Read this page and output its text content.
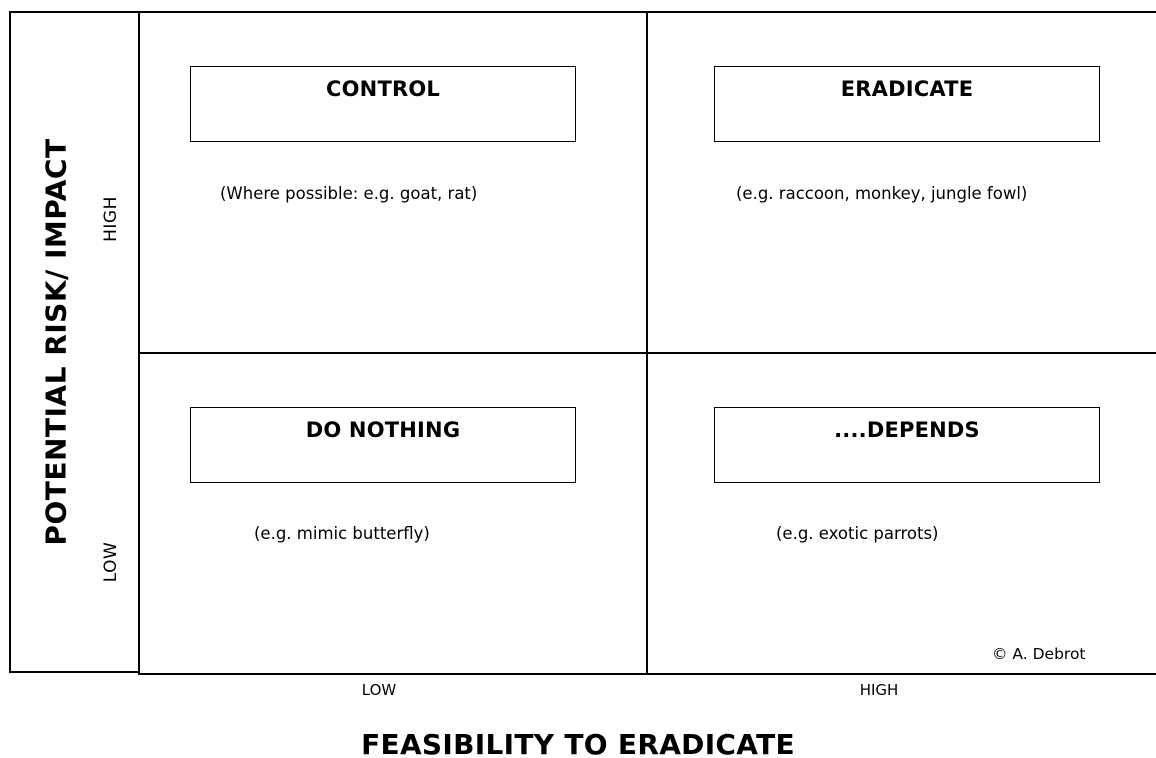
POTENTIAL RISK/ IMPACT HIGH
LOW
CONTROL
(Where possible: e.g. goat, rat)
ERADICATE
(e.g. raccoon, monkey, jungle fowl)
DO NOTHING
(e.g. mimic butterfly)
....DEPENDS
(e.g. exotic parrots)
© A. Debrot
LOW	HIGH
FEASIBILITY TO ERADICATE
